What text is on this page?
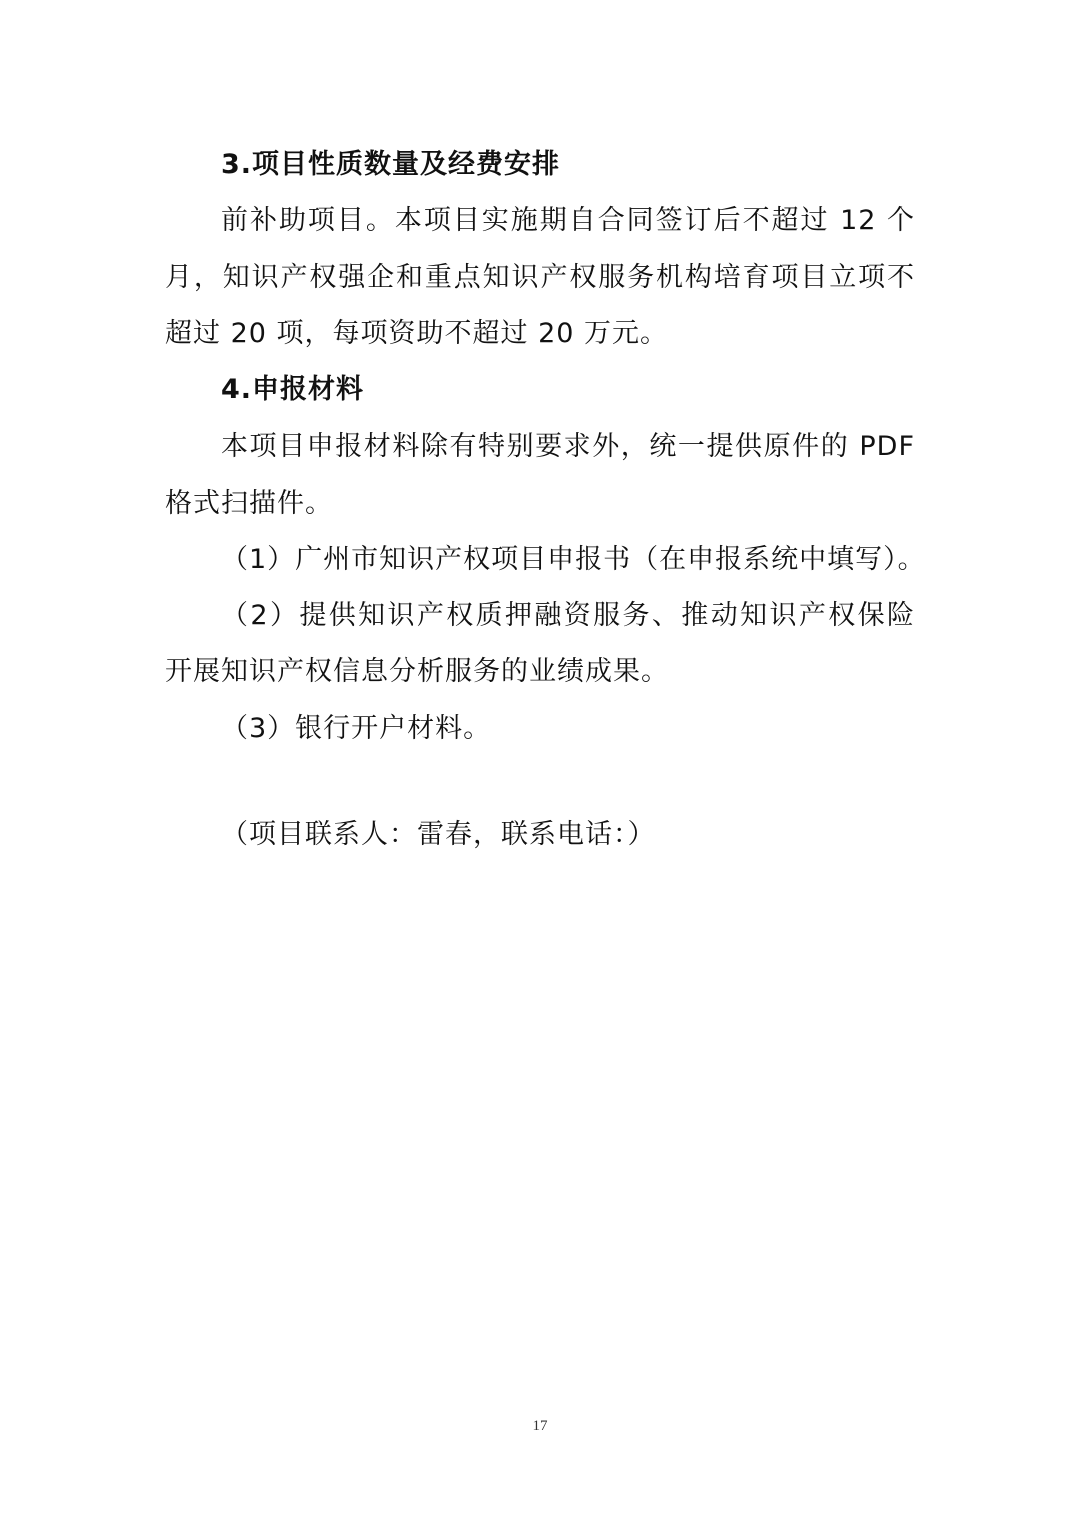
3.项目性质数量及经费安排
前补助项目。本项目实施期自合同签订后不超过 12 个
月，知识产权强企和重点知识产权服务机构培育项目立项不
超过 20 项，每项资助不超过 20 万元。
4.申报材料
本项目申报材料除有特别要求外，统一提供原件的 PDF
格式扫描件。
（1）广州市知识产权项目申报书（在申报系统中填写）。
（2）提供知识产权质押融资服务、推动知识产权保险
开展知识产权信息分析服务的业绩成果。
（3）银行开户材料。
（项目联系人：雷春，联系电话：）
17
